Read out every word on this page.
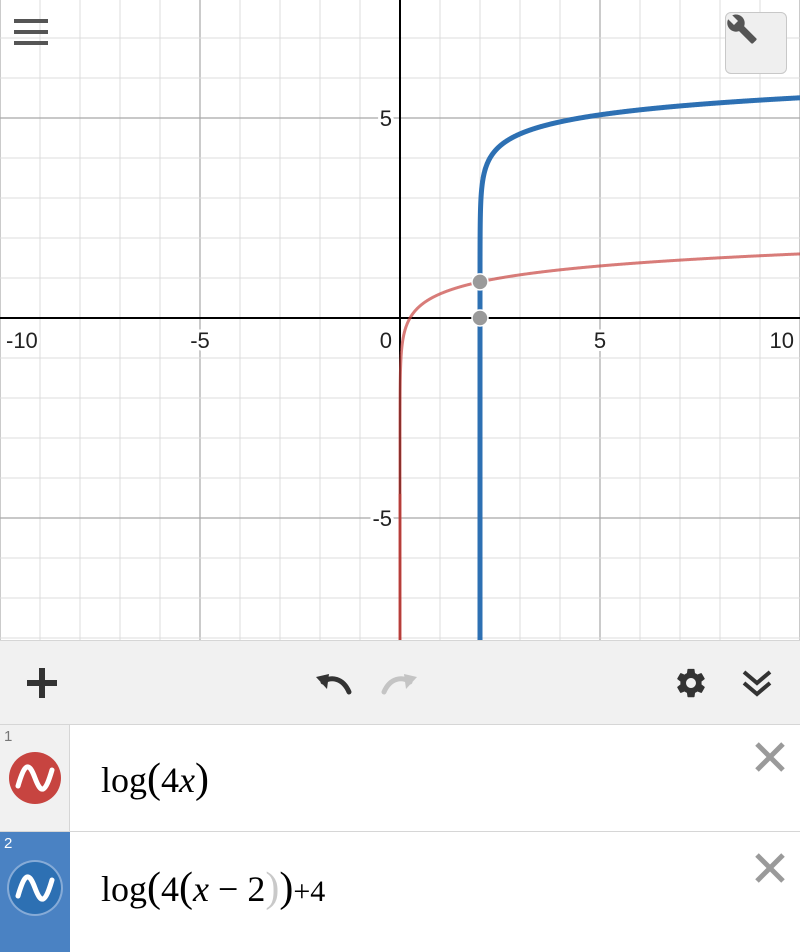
-10	-5	0	5	10
5
-5
1
log(4x)
2
log(4(x − 2))+4
